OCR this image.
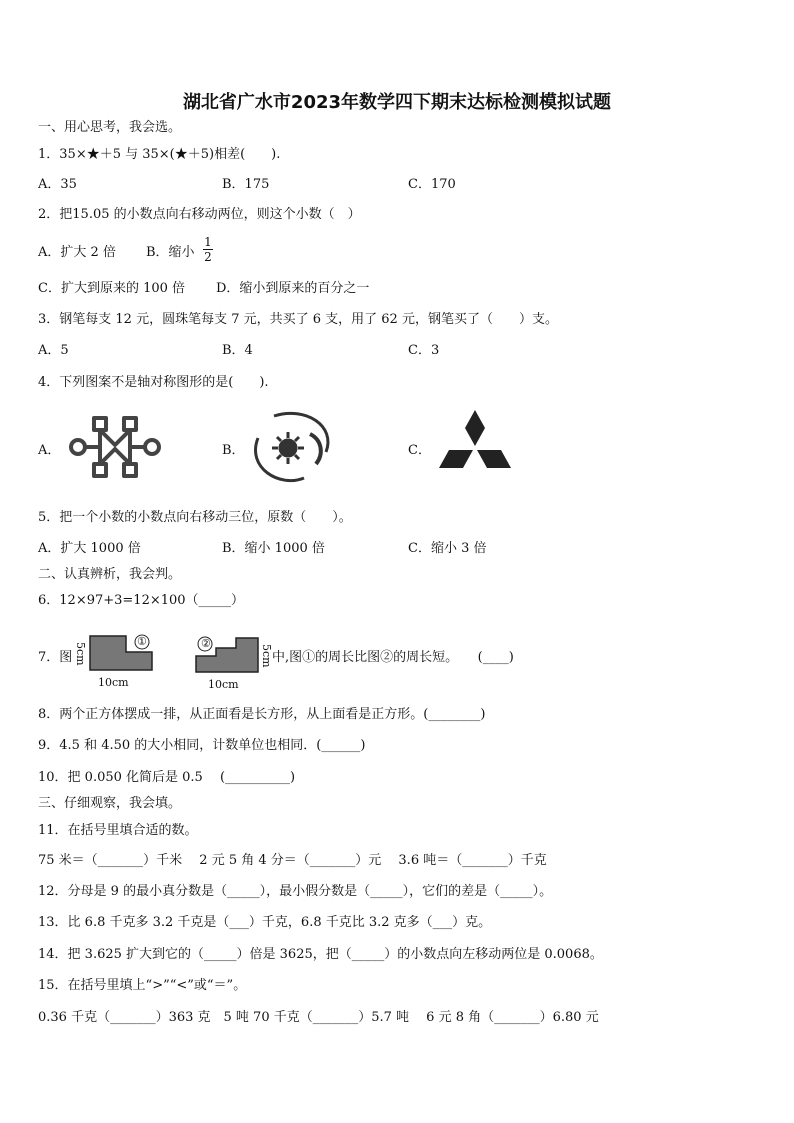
湖北省广水市2023年数学四下期末达标检测模拟试题
一、用心思考，我会选。
1．35×★＋5 与 35×(★＋5)相差(　　).
A．35	B．175	C．170
2．把15.05 的小数点向右移动两位，则这个小数（　）
A．扩大 2 倍 B．缩小
1
2
C．扩大到原来的 100 倍 D．缩小到原来的百分之一
3．钢笔每支 12 元，圆珠笔每支 7 元，共买了 6 支，用了 62 元，钢笔买了（　　）支。
A．5	B．4	C．3
4．下列图案不是轴对称图形的是(　　).
A．	B．	C．
5．把一个小数的小数点向右移动三位，原数（　　）。
A．扩大 1000 倍	B．缩小 1000 倍	C．缩小 3 倍
二、认真辨析，我会判。
6．12×97+3=12×100（_____）
7．图 5cm
①
10cm
②
5cm
10cm
中,图①的周长比图②的周长短。　　(____)
8．两个正方体摆成一排，从正面看是长方形，从上面看是正方形。(________)
9．4.5 和 4.50 的大小相同，计数单位也相同．(______)
10．把 0.050 化简后是 0.5　 (__________)
三、仔细观察，我会填。
11．在括号里填合适的数。
75 米＝（_______）千米　 2 元 5 角 4 分＝（_______）元　 3.6 吨＝（_______）千克
12．分母是 9 的最小真分数是（_____），最小假分数是（_____），它们的差是（_____）。
13．比 6.8 千克多 3.2 千克是（___）千克，6.8 千克比 3.2 克多（___）克。
14．把 3.625 扩大到它的（_____）倍是 3625，把（_____）的小数点向左移动两位是 0.0068。
15．在括号里填上“>”“<”或“＝”。
0.36 千克（_______）363 克　5 吨 70 千克（_______）5.7 吨　 6 元 8 角（_______）6.80 元
